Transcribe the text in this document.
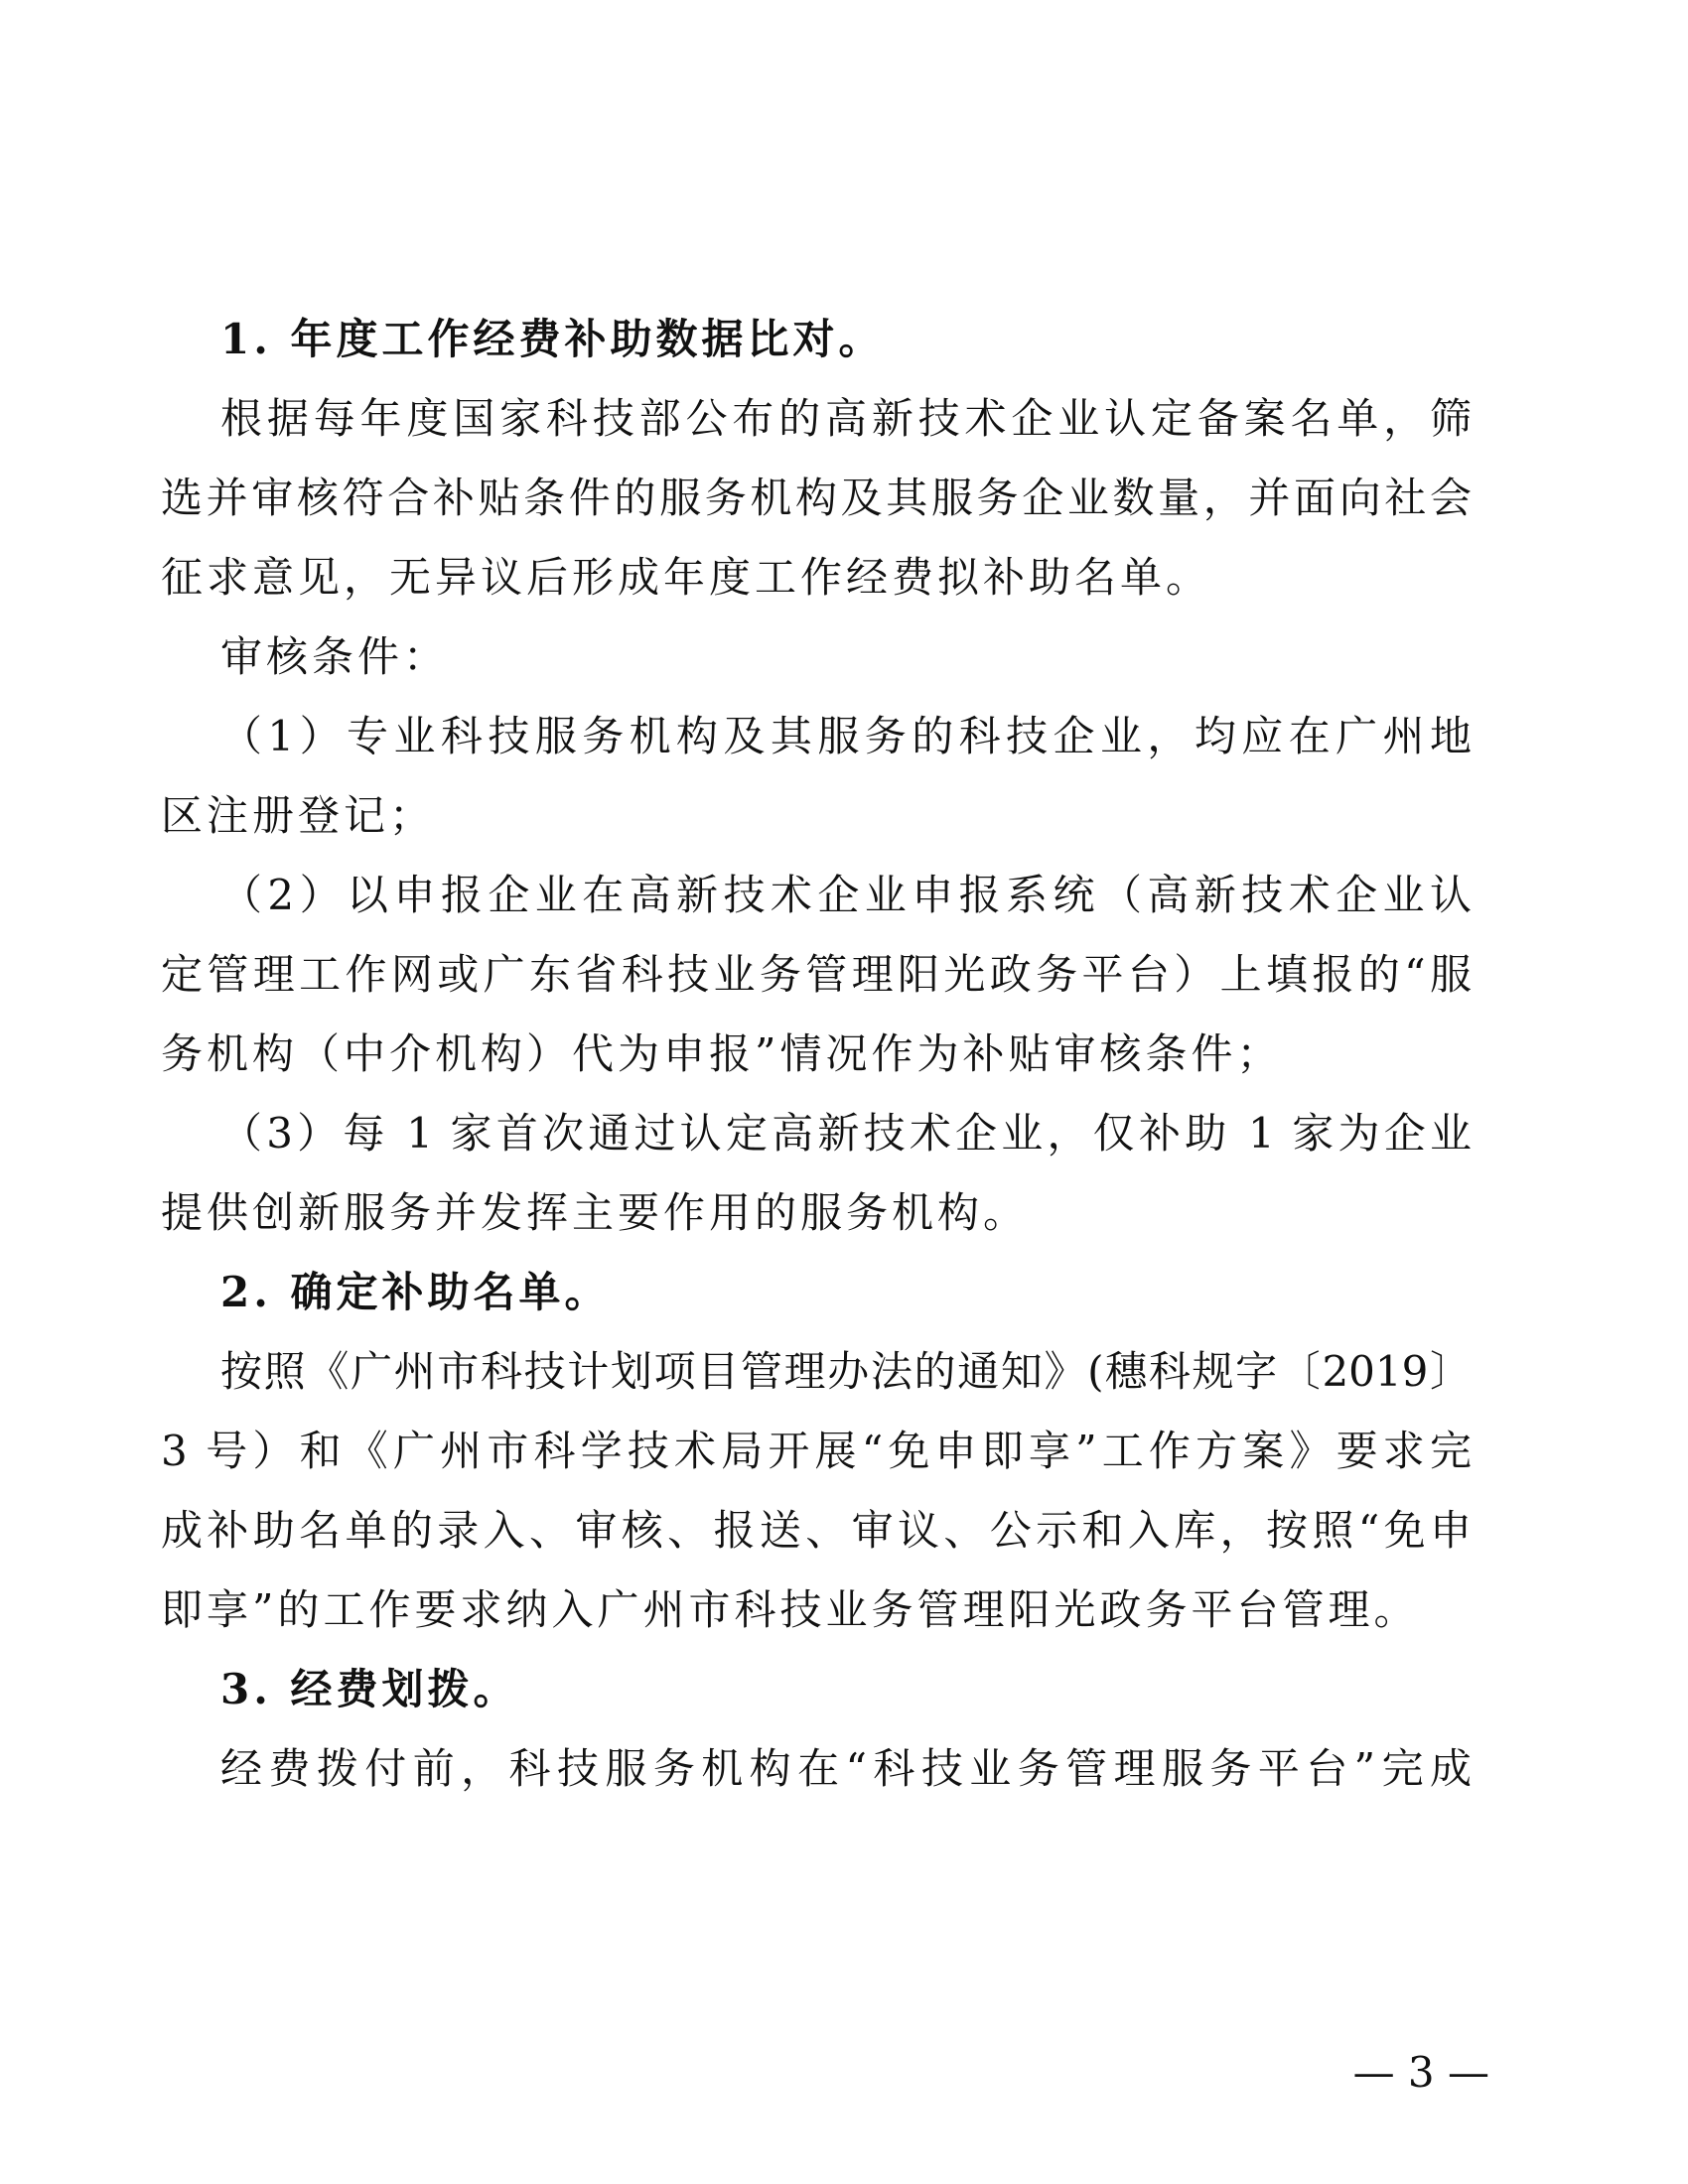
1. 年度工作经费补助数据比对。
根据每年度国家科技部公布的高新技术企业认定备案名单，筛
选并审核符合补贴条件的服务机构及其服务企业数量，并面向社会
征求意见，无异议后形成年度工作经费拟补助名单。
审核条件：
（1）专业科技服务机构及其服务的科技企业，均应在广州地
区注册登记；
（2）以申报企业在高新技术企业申报系统（高新技术企业认
定管理工作网或广东省科技业务管理阳光政务平台）上填报的“服
务机构（中介机构）代为申报”情况作为补贴审核条件；
（3）每 1 家首次通过认定高新技术企业，仅补助 1 家为企业
提供创新服务并发挥主要作用的服务机构。
2. 确定补助名单。
按照《广州市科技计划项目管理办法的通知》(穗科规字〔2019〕
3 号）和《广州市科学技术局开展“免申即享”工作方案》要求完
成补助名单的录入、审核、报送、审议、公示和入库，按照“免申
即享”的工作要求纳入广州市科技业务管理阳光政务平台管理。
3. 经费划拨。
经费拨付前，科技服务机构在“科技业务管理服务平台”完成
— 3 —
